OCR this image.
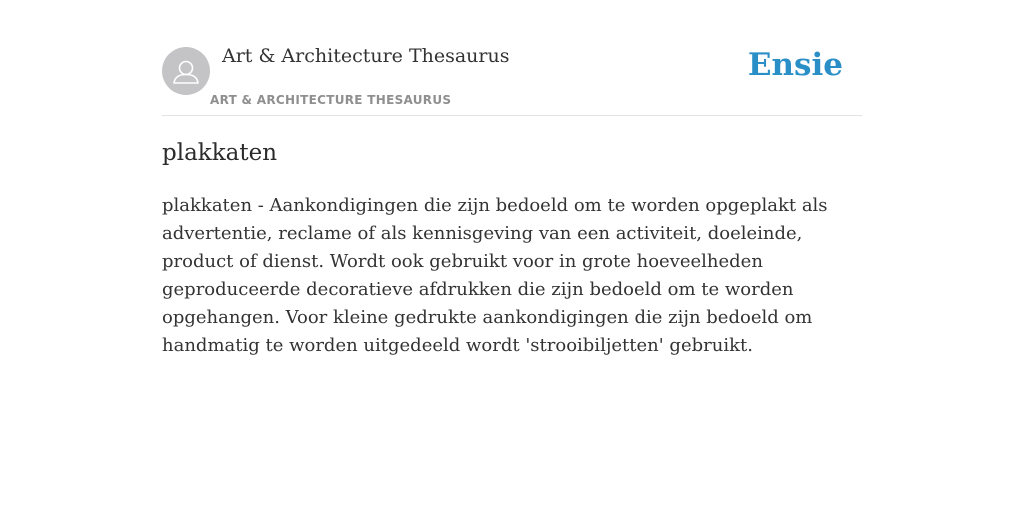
Art & Architecture Thesaurus
ART & ARCHITECTURE THESAURUS
Ensie
plakkaten

plakkaten - Aankondigingen die zijn bedoeld om te worden opgeplakt als advertentie, reclame of als kennisgeving van een activiteit, doeleinde, product of dienst. Wordt ook gebruikt voor in grote hoeveelheden geproduceerde decoratieve afdrukken die zijn bedoeld om te worden opgehangen. Voor kleine gedrukte aankondigingen die zijn bedoeld om handmatig te worden uitgedeeld wordt 'strooibiljetten' gebruikt.
